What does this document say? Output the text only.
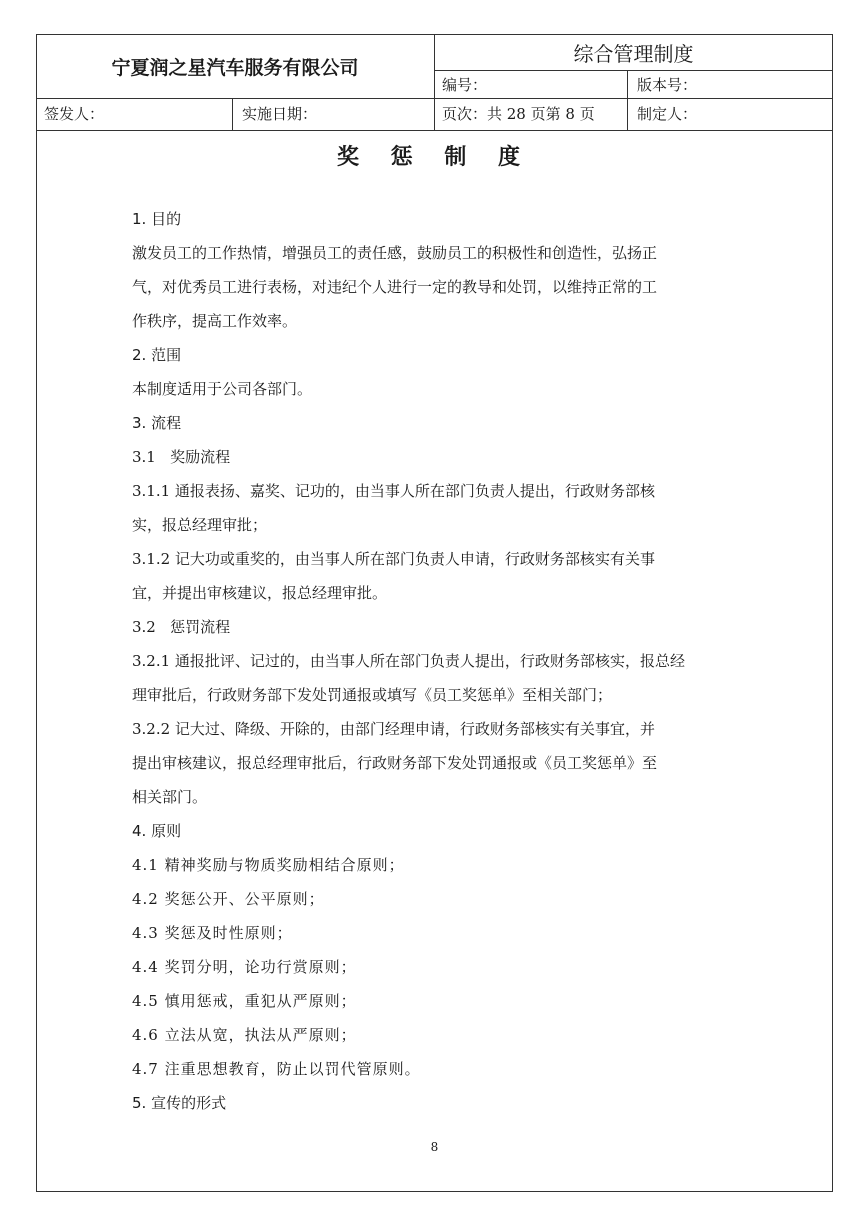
宁夏润之星汽车服务有限公司
综合管理制度
编号：	版本号：
签发人：	实施日期：	页次：共 28 页第 8 页	制定人：
奖 惩 制 度

1. 目的

激发员工的工作热情，增强员工的责任感，鼓励员工的积极性和创造性，弘扬正

气，对优秀员工进行表杨，对违纪个人进行一定的教导和处罚，以维持正常的工

作秩序，提高工作效率。

2. 范围

本制度适用于公司各部门。

3. 流程

3.1   奖励流程

3.1.1 通报表扬、嘉奖、记功的，由当事人所在部门负责人提出，行政财务部核

实，报总经理审批；

3.1.2 记大功或重奖的，由当事人所在部门负责人申请，行政财务部核实有关事

宜，并提出审核建议，报总经理审批。

3.2   惩罚流程

3.2.1 通报批评、记过的，由当事人所在部门负责人提出，行政财务部核实，报总经

理审批后，行政财务部下发处罚通报或填写《员工奖惩单》至相关部门；

3.2.2 记大过、降级、开除的，由部门经理申请，行政财务部核实有关事宜，并

提出审核建议，报总经理审批后，行政财务部下发处罚通报或《员工奖惩单》至

相关部门。

4. 原则

4.1 精神奖励与物质奖励相结合原则；

4.2 奖惩公开、公平原则；

4.3 奖惩及时性原则；

4.4 奖罚分明，论功行赏原则；

4.5 慎用惩戒，重犯从严原则；

4.6 立法从宽，执法从严原则；

4.7 注重思想教育，防止以罚代管原则。

5. 宣传的形式

8
